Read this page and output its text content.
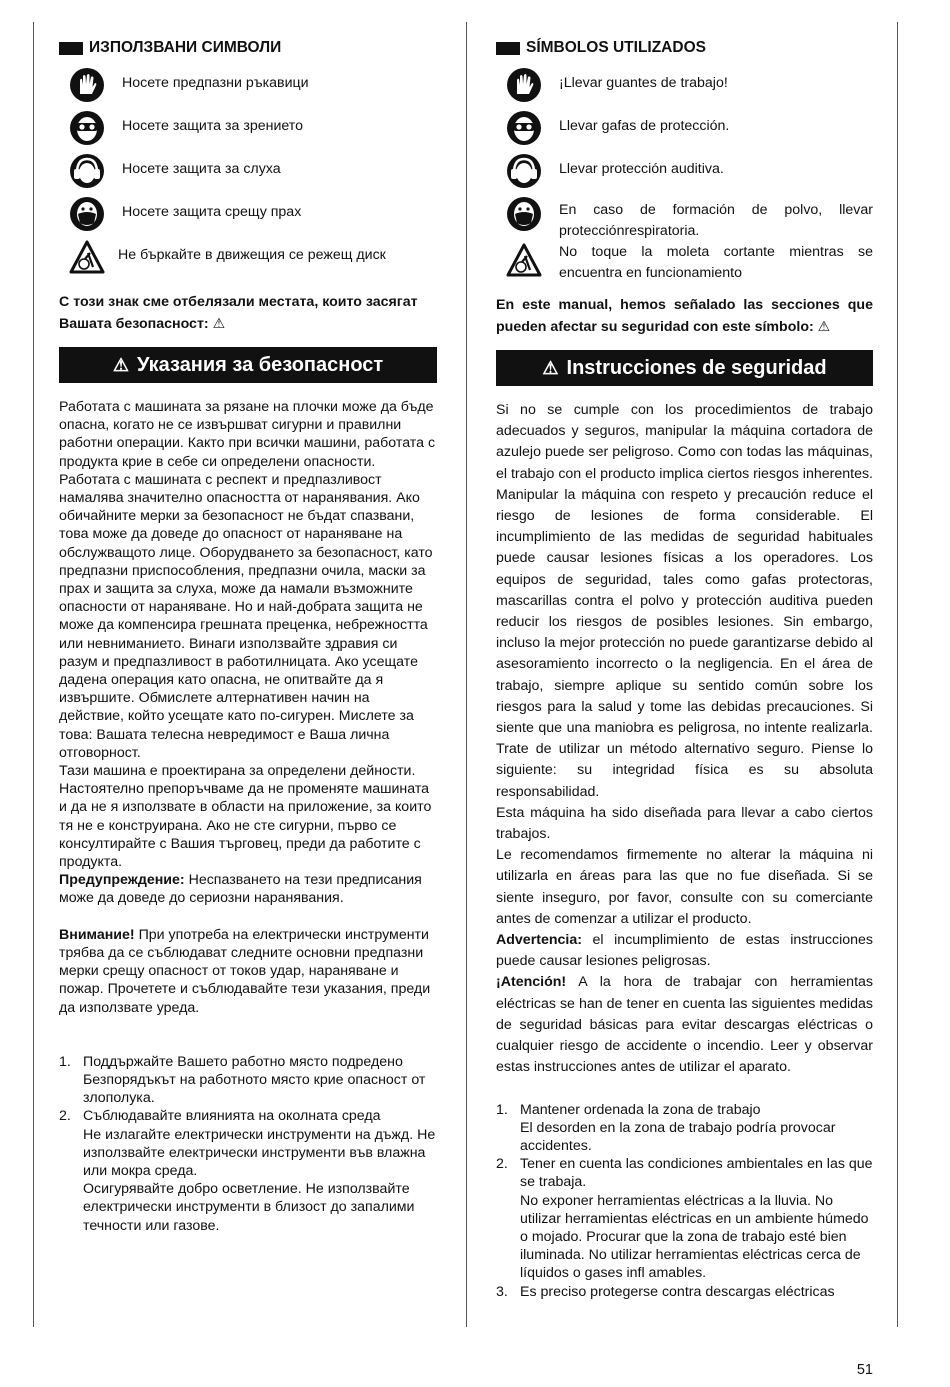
ИЗПОЛЗВАНИ СИМВОЛИ
Носете предпазни ръкавици
Носете защита за зрението
Носете защита за слуха
Носете защита срещу прах
Не бъркайте в движещия се режещ диск
С този знак сме отбелязали местата, които засягат Вашата безопасност: ⚠
⚠ Указания за безопасност

Работата с машината за рязане на плочки може да бъде опасна, когато не се извършват сигурни и правилни работни операции. Както при всички машини, работата с продукта крие в себе си определени опасности. Работата с машината с респект и предпазливост намалява значително опасността от наранявания. Ако обичайните мерки за безопасност не бъдат спазвани, това може да доведе до опасност от нараняване на обслужващото лице. Оборудването за безопасност, като предпазни приспособления, предпазни очила, маски за прах и защита за слуха, може да намали възможните опасности от нараняване. Но и най-добрата защита не може да компенсира грешната преценка, небрежността или невниманието. Винаги използвайте здравия си разум и предпазливост в работилницата. Ако усещате дадена операция като опасна, не опитвайте да я извършите. Обмислете алтернативен начин на действие, който усещате като по-сигурен. Мислете за това: Вашата телесна невредимост е Ваша лична отговорност.

Тази машина е проектирана за определени дейности.

Настоятелно препоръчваме да не променяте машината и да не я използвате в области на приложение, за които тя не е конструирана. Ако не сте сигурни, първо се консултирайте с Вашия търговец, преди да работите с продукта.

Предупреждение: Неспазването на тези предписания може да доведе до сериозни наранявания.

Внимание! При употреба на електрически инструменти трябва да се съблюдават следните основни предпазни мерки срещу опасност от токов удар, нараняване и пожар. Прочетете и съблюдавайте тези указания, преди да използвате уреда.

1. Поддържайте Вашето работно място подредено
Безпорядъкът на работното място крие опасност от злополука.
2. Съблюдавайте влиянията на околната среда
Не излагайте електрически инструменти на дъжд. Не използвайте електрически инструменти във влажна или мокра среда.
Осигурявайте добро осветление. Не използвайте електрически инструменти в близост до запалими течности или газове.
SÍMBOLOS UTILIZADOS
¡Llevar guantes de trabajo!
Llevar gafas de protección.
Llevar protección auditiva.
En caso de formación de polvo, llevar protecciónrespiratoria.
No toque la moleta cortante mientras se encuentra en funcionamiento
En este manual, hemos señalado las secciones que pueden afectar su seguridad con este símbolo: ⚠
⚠ Instrucciones de seguridad

Si no se cumple con los procedimientos de trabajo adecuados y seguros, manipular la máquina cortadora de azulejo puede ser peligroso. Como con todas las máquinas, el trabajo con el producto implica ciertos riesgos inherentes. Manipular la máquina con respeto y precaución reduce el riesgo de lesiones de forma considerable. El incumplimiento de las medidas de seguridad habituales puede causar lesiones físicas a los operadores. Los equipos de seguridad, tales como gafas protectoras, mascarillas contra el polvo y protección auditiva pueden reducir los riesgos de posibles lesiones. Sin embargo, incluso la mejor protección no puede garantizarse debido al asesoramiento incorrecto o la negligencia. En el área de trabajo, siempre aplique su sentido común sobre los riesgos para la salud y tome las debidas precauciones. Si siente que una maniobra es peligrosa, no intente realizarla. Trate de utilizar un método alternativo seguro. Piense lo siguiente: su integridad física es su absoluta responsabilidad.

Esta máquina ha sido diseñada para llevar a cabo ciertos trabajos.

Le recomendamos firmemente no alterar la máquina ni utilizarla en áreas para las que no fue diseñada. Si se siente inseguro, por favor, consulte con su comerciante antes de comenzar a utilizar el producto.

Advertencia: el incumplimiento de estas instrucciones puede causar lesiones peligrosas.

¡Atención! A la hora de trabajar con herramientas eléctricas se han de tener en cuenta las siguientes medidas de seguridad básicas para evitar descargas eléctricas o cualquier riesgo de accidente o incendio. Leer y observar estas instrucciones antes de utilizar el aparato.

1. Mantener ordenada la zona de trabajo
El desorden en la zona de trabajo podría provocar accidentes.
2. Tener en cuenta las condiciones ambientales en las que se trabaja.
No exponer herramientas eléctricas a la lluvia. No utilizar herramientas eléctricas en un ambiente húmedo o mojado. Procurar que la zona de trabajo esté bien iluminada. No utilizar herramientas eléctricas cerca de líquidos o gases infl amables.
3. Es preciso protegerse contra descargas eléctricas
51
